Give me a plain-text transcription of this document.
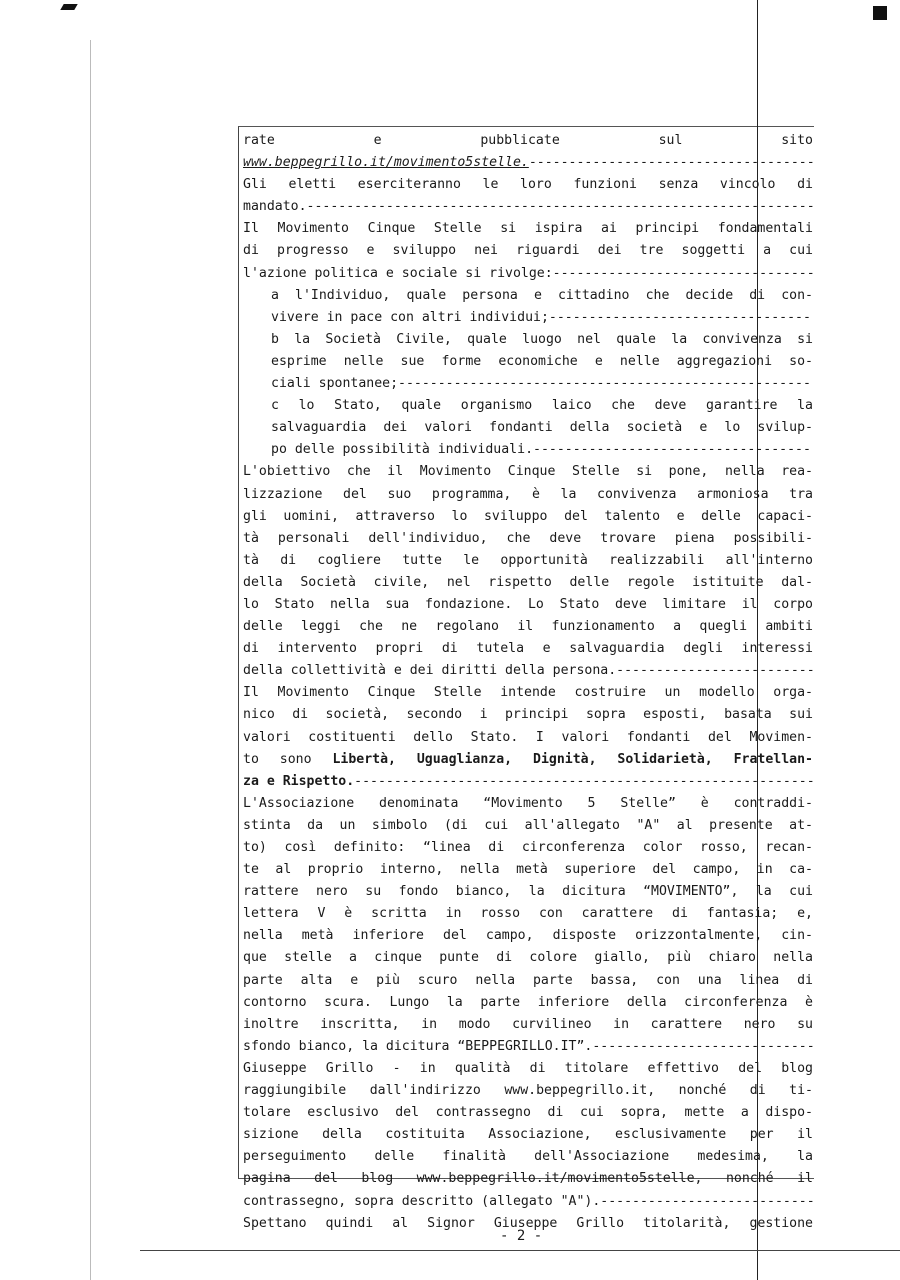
rate e pubblicate sul sito
www.beppegrillo.it/movimento5stelle. -----
Gli eletti eserciteranno le loro funzioni senza vincolo di
mandato. -----
Il Movimento Cinque Stelle si ispira ai principi fondamentali
di progresso e sviluppo nei riguardi dei tre soggetti a cui
l'azione politica e sociale si rivolge: -----
a l'Individuo, quale persona e cittadino che decide di con-
vivere in pace con altri individui; -----
b la Società Civile, quale luogo nel quale la convivenza si
esprime nelle sue forme economiche e nelle aggregazioni so-
ciali spontanee; -----
c lo Stato, quale organismo laico che deve garantire la
salvaguardia dei valori fondanti della società e lo svilup-
po delle possibilità individuali. -----
L'obiettivo che il Movimento Cinque Stelle si pone, nella rea-
lizzazione del suo programma, è la convivenza armoniosa tra
gli uomini, attraverso lo sviluppo del talento e delle capaci-
tà personali dell'individuo, che deve trovare piena possibili-
tà di cogliere tutte le opportunità realizzabili all'interno
della Società civile, nel rispetto delle regole istituite dal-
lo Stato nella sua fondazione. Lo Stato deve limitare il corpo
delle leggi che ne regolano il funzionamento a quegli ambiti
di intervento propri di tutela e salvaguardia degli interessi
della collettività e dei diritti della persona. -----
Il Movimento Cinque Stelle intende costruire un modello orga-
nico di società, secondo i principi sopra esposti, basata sui
valori costituenti dello Stato. I valori fondanti del Movimen-
to sono Libertà, Uguaglianza, Dignità, Solidarietà, Fratellan-
za e Rispetto. -----
L'Associazione denominata “Movimento 5 Stelle” è contraddi-
stinta da un simbolo (di cui all'allegato "A" al presente at-
to) così definito: “linea di circonferenza color rosso, recan-
te al proprio interno, nella metà superiore del campo, in ca-
rattere nero su fondo bianco, la dicitura “MOVIMENTO”, la cui
lettera V è scritta in rosso con carattere di fantasia; e,
nella metà inferiore del campo, disposte orizzontalmente, cin-
que stelle a cinque punte di colore giallo, più chiaro nella
parte alta e più scuro nella parte bassa, con una linea di
contorno scura. Lungo la parte inferiore della circonferenza è
inoltre inscritta, in modo curvilineo in carattere nero su
sfondo bianco, la dicitura “BEPPEGRILLO.IT”. -----
Giuseppe Grillo - in qualità di titolare effettivo del blog
raggiungibile dall'indirizzo www.beppegrillo.it, nonché di ti-
tolare esclusivo del contrassegno di cui sopra, mette a dispo-
sizione della costituita Associazione, esclusivamente per il
perseguimento delle finalità dell'Associazione medesima, la
pagina del blog www.beppegrillo.it/movimento5stelle, nonché il
contrassegno, sopra descritto (allegato "A"). -----
Spettano quindi al Signor Giuseppe Grillo titolarità, gestione
- 2 -
